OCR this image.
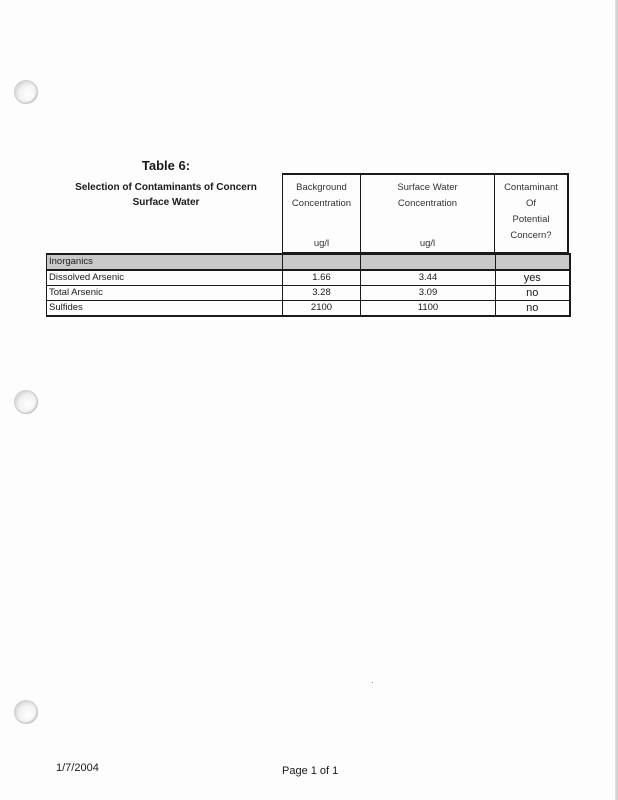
Table 6:
Selection of Contaminants of Concern
Surface Water
Background
Concentration
ug/l
Surface Water
Concentration
ug/l
Contaminant
Of
Potential
Concern?
Inorganics			
Dissolved Arsenic	1.66	3.44	yes
Total Arsenic	3.28	3.09	no
Sulfides	2100	1100	no
1/7/2004	Page 1 of 1
